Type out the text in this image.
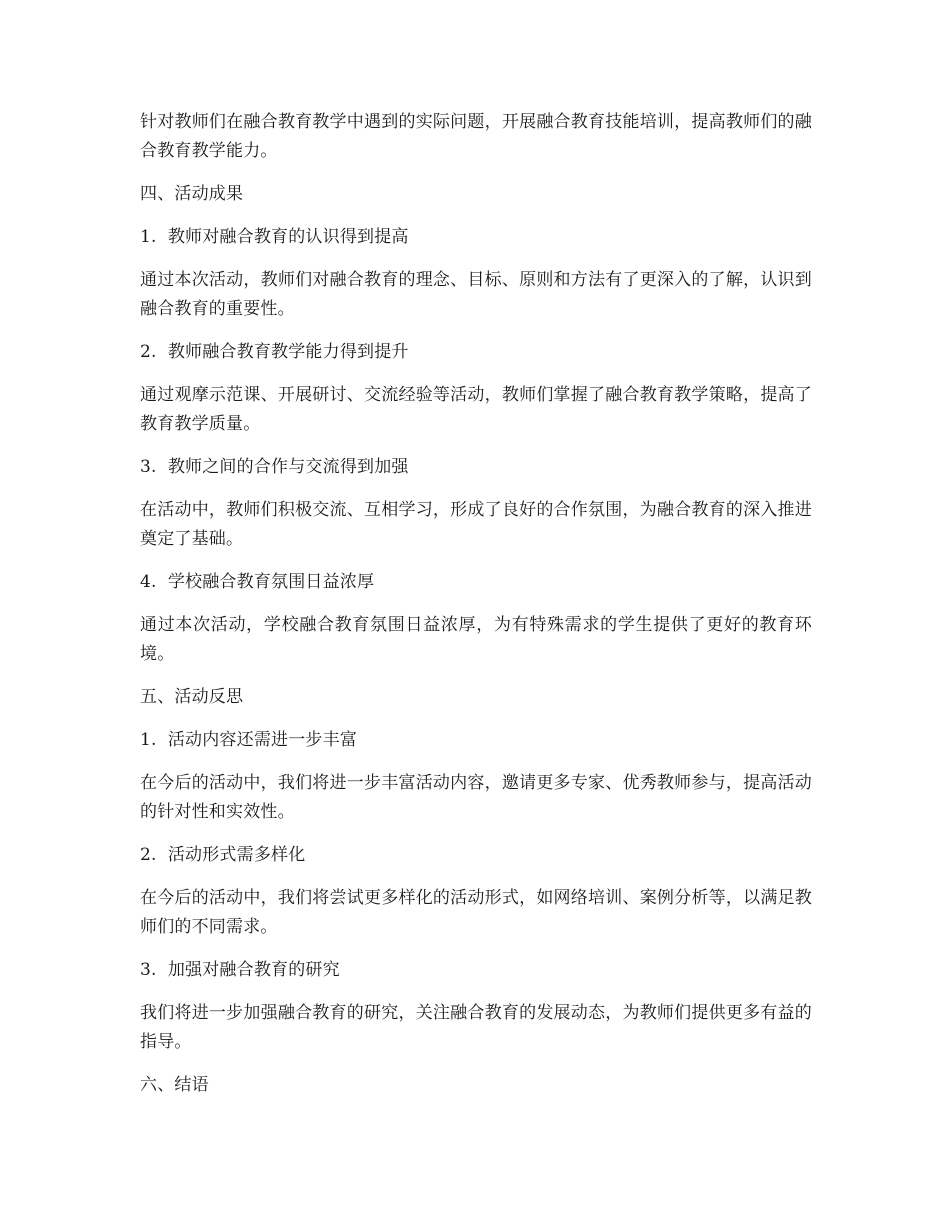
针对教师们在融合教育教学中遇到的实际问题，开展融合教育技能培训，提高教师们的融合教育教学能力。

四、活动成果

1.  教师对融合教育的认识得到提高

通过本次活动，教师们对融合教育的理念、目标、原则和方法有了更深入的了解，认识到融合教育的重要性。

2.  教师融合教育教学能力得到提升

通过观摩示范课、开展研讨、交流经验等活动，教师们掌握了融合教育教学策略，提高了教育教学质量。

3.  教师之间的合作与交流得到加强

在活动中，教师们积极交流、互相学习，形成了良好的合作氛围，为融合教育的深入推进奠定了基础。

4.  学校融合教育氛围日益浓厚

通过本次活动，学校融合教育氛围日益浓厚，为有特殊需求的学生提供了更好的教育环境。

五、活动反思

1.  活动内容还需进一步丰富

在今后的活动中，我们将进一步丰富活动内容，邀请更多专家、优秀教师参与，提高活动的针对性和实效性。

2.  活动形式需多样化

在今后的活动中，我们将尝试更多样化的活动形式，如网络培训、案例分析等，以满足教师们的不同需求。

3.  加强对融合教育的研究

我们将进一步加强融合教育的研究，关注融合教育的发展动态，为教师们提供更多有益的指导。

六、结语
